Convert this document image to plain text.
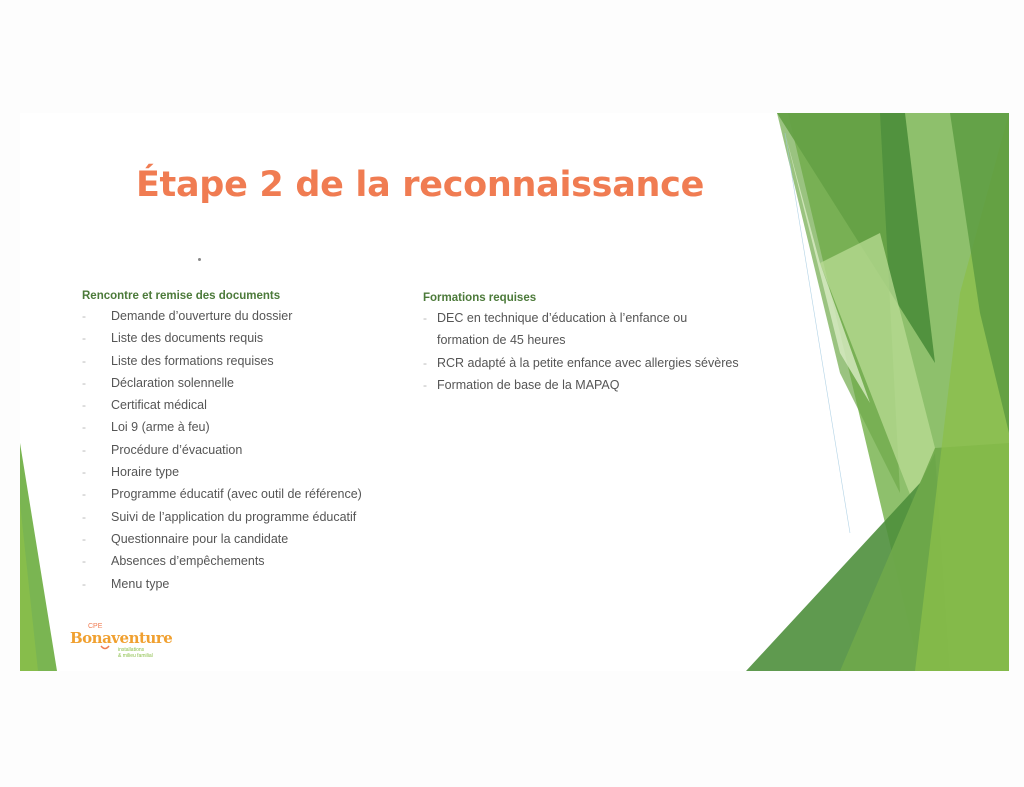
Étape 2 de la reconnaissance
Rencontre et remise des documents
- Demande d’ouverture du dossier
- Liste des documents requis
- Liste des formations requises
- Déclaration solennelle
- Certificat médical
- Loi 9 (arme à feu)
- Procédure d’évacuation
- Horaire type
- Programme éducatif (avec outil de référence)
- Suivi de l’application du programme éducatif
- Questionnaire pour la candidate
- Absences d’empêchements
- Menu type
Formations requises
- DEC en technique d’éducation à l’enfance ou
formation de 45 heures
- RCR adapté à la petite enfance avec allergies sévères
- Formation de base de la MAPAQ
CPE
Bonaventure
installations
& milieu familial
